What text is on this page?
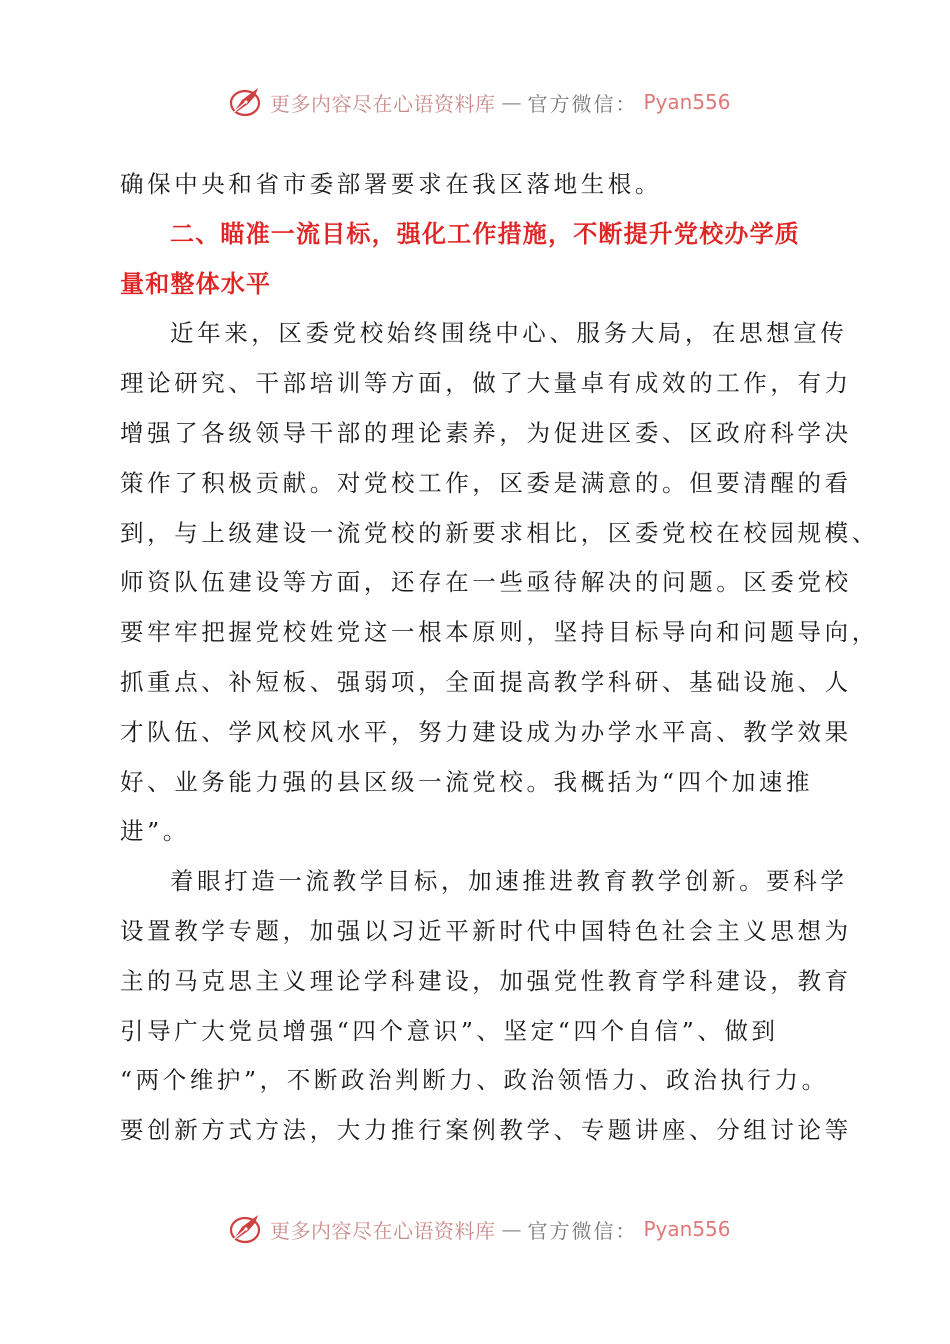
更多内容尽在心语资料库 — 官方微信： Pyan556
确保中央和省市委部署要求在我区落地生根。
二、瞄准一流目标，强化工作措施，不断提升党校办学质
量和整体水平
近年来，区委党校始终围绕中心、服务大局，在思想宣传
理论研究、干部培训等方面，做了大量卓有成效的工作，有力
增强了各级领导干部的理论素养，为促进区委、区政府科学决
策作了积极贡献。对党校工作，区委是满意的。但要清醒的看
到，与上级建设一流党校的新要求相比，区委党校在校园规模、
师资队伍建设等方面，还存在一些亟待解决的问题。区委党校
要牢牢把握党校姓党这一根本原则，坚持目标导向和问题导向，
抓重点、补短板、强弱项，全面提高教学科研、基础设施、人
才队伍、学风校风水平，努力建设成为办学水平高、教学效果
好、业务能力强的县区级一流党校。我概括为“四个加速推
进”。
着眼打造一流教学目标，加速推进教育教学创新。要科学
设置教学专题，加强以习近平新时代中国特色社会主义思想为
主的马克思主义理论学科建设，加强党性教育学科建设，教育
引导广大党员增强“四个意识”、坚定“四个自信”、做到
“两个维护”，不断政治判断力、政治领悟力、政治执行力。
要创新方式方法，大力推行案例教学、专题讲座、分组讨论等
更多内容尽在心语资料库 — 官方微信： Pyan556
